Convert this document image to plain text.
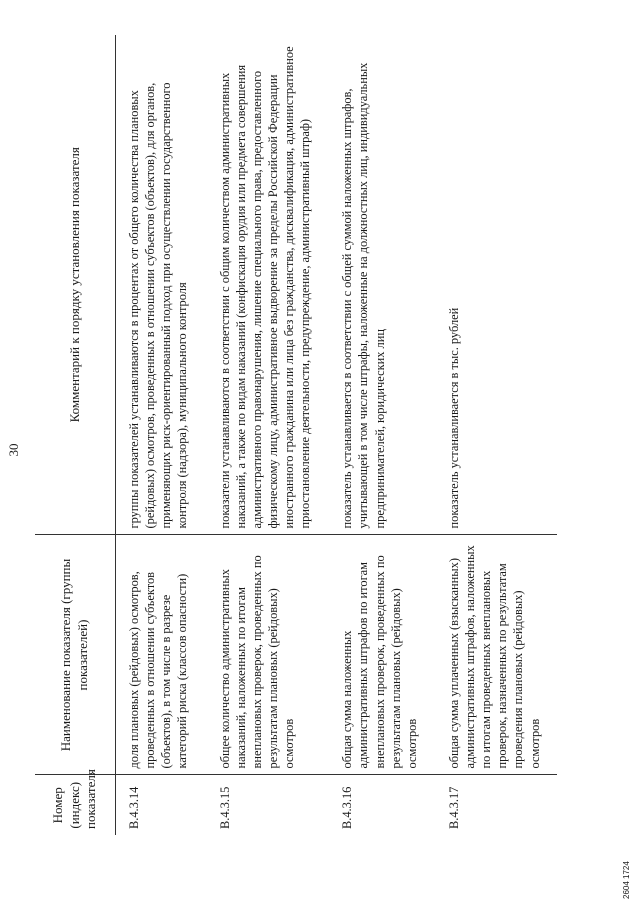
30
Номер (индекс) показателя	Наименование показателя (группы показателей)	Комментарий к порядку установления показателя
В.4.3.14	доля плановых (рейдовых) осмотров, проведенных в отношении субъектов (объектов), в том числе в разрезе категорий риска (классов опасности)	группы показателей устанавливаются в процентах от общего количества плановых (рейдовых) осмотров, проведенных в отношении субъектов (объектов), для органов, применяющих риск-ориентированный подход при осуществлении государственного контроля (надзора), муниципального контроля
В.4.3.15	общее количество административных наказаний, наложенных по итогам внеплановых проверок, проведенных по результатам плановых (рейдовых) осмотров	показатели устанавливаются в соответствии с общим количеством административных наказаний, а также по видам наказаний (конфискация орудия или предмета совершения административного правонарушения, лишение специального права, предоставленного физическому лицу, административное выдворение за пределы Российской Федерации иностранного гражданина или лица без гражданства, дисквалификация, административное приостановление деятельности, предупреждение, административный штраф)
В.4.3.16	общая сумма наложенных административных штрафов по итогам внеплановых проверок, проведенных по результатам плановых (рейдовых) осмотров	показатель устанавливается в соответствии с общей суммой наложенных штрафов, учитывающей в том числе штрафы, наложенные на должностных лиц, индивидуальных предпринимателей, юридических лиц
В.4.3.17	общая сумма уплаченных (взысканных) административных штрафов, наложенных по итогам проведенных внеплановых проверок, назначенных по результатам проведения плановых (рейдовых) осмотров	показатель устанавливается в тыс. рублей
2604 1724
